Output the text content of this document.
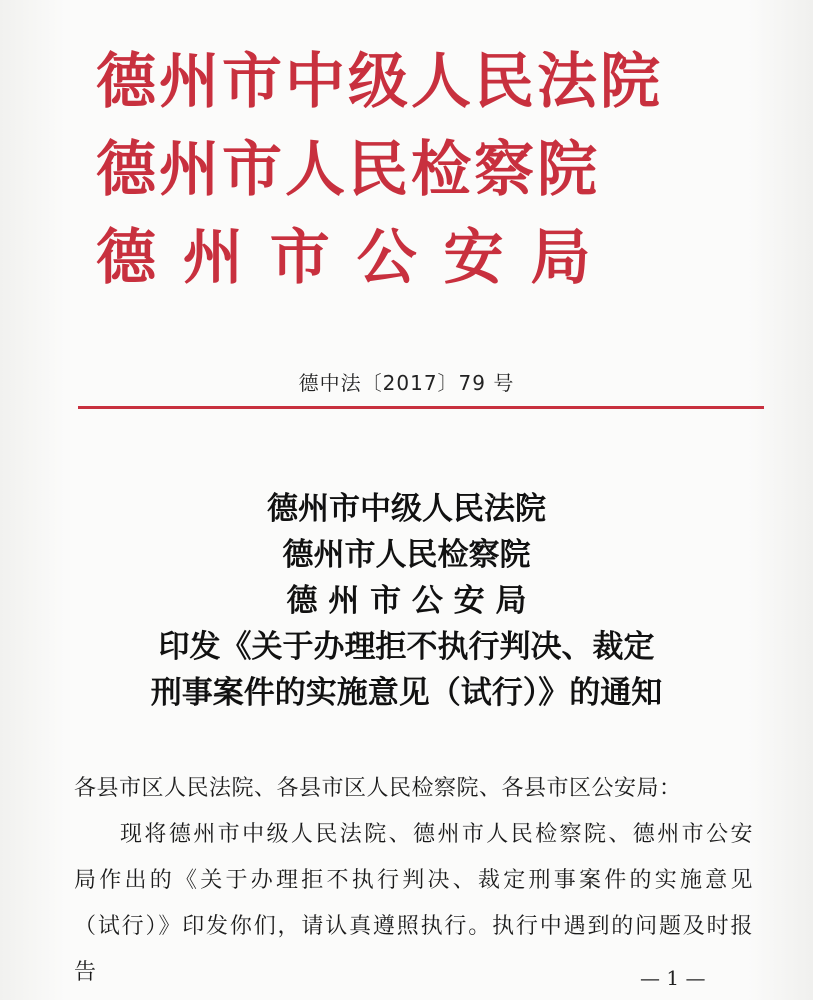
德州市中级人民法院
德州市人民检察院
德 州 市 公 安 局
德中法〔2017〕79 号
德州市中级人民法院
德州市人民检察院
德 州 市 公 安 局
印发《关于办理拒不执行判决、裁定
刑事案件的实施意见（试行）》的通知
各县市区人民法院、各县市区人民检察院、各县市区公安局：
现将德州市中级人民法院、德州市人民检察院、德州市公安局作出的《关于办理拒不执行判决、裁定刑事案件的实施意见（试行）》印发你们，请认真遵照执行。执行中遇到的问题及时报告	— 1 —
